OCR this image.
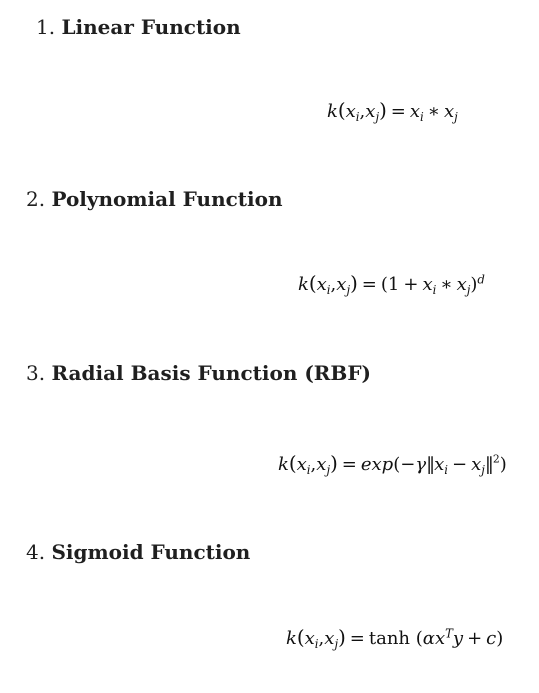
1. Linear Function
$k(x_i,x_j) = x_i$ ∗ $x_j$
2. Polynomial Function
$k(x_i,x_j) = (1 + x_i$ ∗ $x_j)^d$
3. Radial Basis Function (RBF)
$k(x_i,x_j)$ = $\exp(-\gamma‖x_i$ − $x_j‖^2$)
4. Sigmoid Function
$k(x_i,x_j) = \tanh (\alpha x^Ty + c)$
